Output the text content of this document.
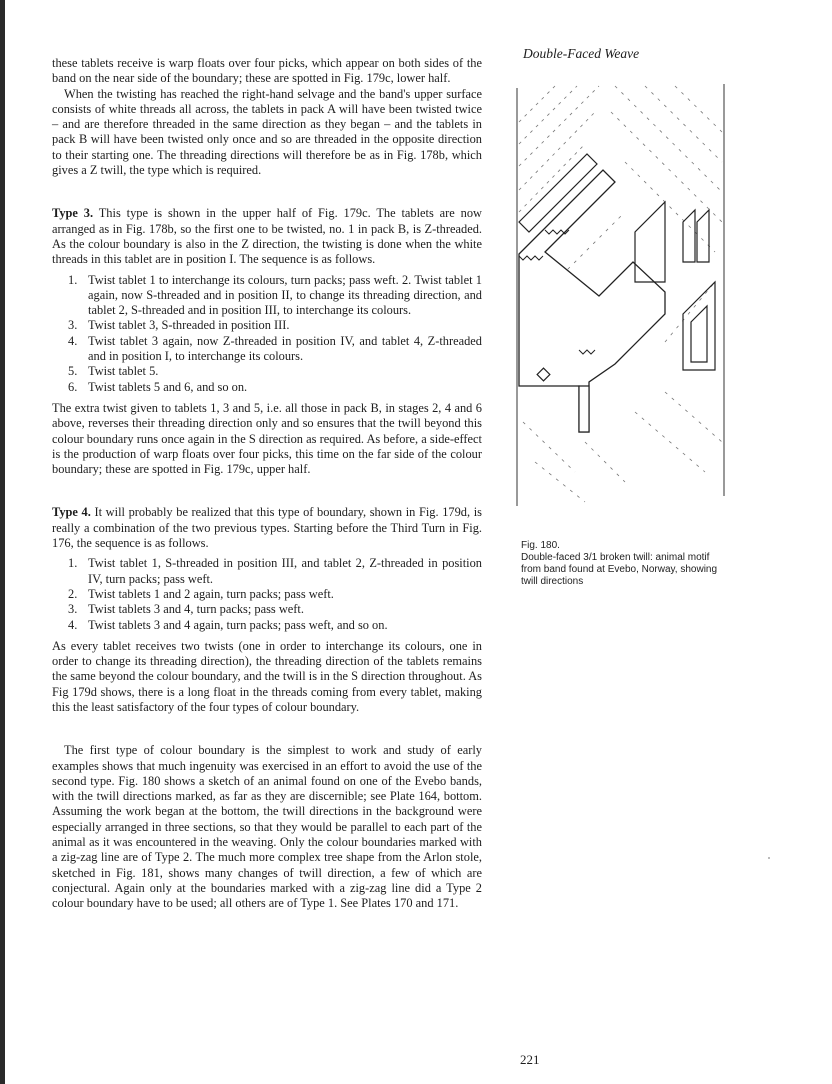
Double-Faced Weave

these tablets receive is warp floats over four picks, which appear on both sides of the band on the near side of the boundary; these are spotted in Fig. 179c, lower half.

When the twisting has reached the right-hand selvage and the band's upper surface consists of white threads all across, the tablets in pack A will have been twisted twice – and are therefore threaded in the same direction as they began – and the tablets in pack B will have been twisted only once and so are threaded in the opposite direction to their starting one. The threading directions will therefore be as in Fig. 178b, which gives a Z twill, the type which is required.

Type 3. This type is shown in the upper half of Fig. 179c. The tablets are now arranged as in Fig. 178b, so the first one to be twisted, no. 1 in pack B, is Z-threaded. As the colour boundary is also in the Z direction, the twisting is done when the white threads in this tablet are in position I. The sequence is as follows.

1. Twist tablet 1 to interchange its colours, turn packs; pass weft. 2. Twist tablet 1 again, now S-threaded and in position II, to change its threading direction, and tablet 2, S-threaded and in position III, to interchange its colours.
3. Twist tablet 3, S-threaded in position III.
4. Twist tablet 3 again, now Z-threaded in position IV, and tablet 4, Z-threaded and in position I, to interchange its colours.
5. Twist tablet 5.
6. Twist tablets 5 and 6, and so on.

The extra twist given to tablets 1, 3 and 5, i.e. all those in pack B, in stages 2, 4 and 6 above, reverses their threading direction only and so ensures that the twill beyond this colour boundary runs once again in the S direction as required. As before, a side-effect is the production of warp floats over four picks, this time on the far side of the colour boundary; these are spotted in Fig. 179c, upper half.

Type 4. It will probably be realized that this type of boundary, shown in Fig. 179d, is really a combination of the two previous types. Starting before the Third Turn in Fig. 176, the sequence is as follows.

1. Twist tablet 1, S-threaded in position III, and tablet 2, Z-threaded in position IV, turn packs; pass weft.
2. Twist tablets 1 and 2 again, turn packs; pass weft.
3. Twist tablets 3 and 4, turn packs; pass weft.
4. Twist tablets 3 and 4 again, turn packs; pass weft, and so on.

As every tablet receives two twists (one in order to interchange its colours, one in order to change its threading direction), the threading direction of the tablets remains the same beyond the colour boundary, and the twill is in the S direction throughout. As Fig 179d shows, there is a long float in the threads coming from every tablet, making this the least satisfactory of the four types of colour boundary.

The first type of colour boundary is the simplest to work and study of early examples shows that much ingenuity was exercised in an effort to avoid the use of the second type. Fig. 180 shows a sketch of an animal found on one of the Evebo bands, with the twill directions marked, as far as they are discernible; see Plate 164, bottom. Assuming the work began at the bottom, the twill directions in the background were especially arranged in three sections, so that they would be parallel to each part of the animal as it was encountered in the weaving. Only the colour boundaries marked with a zig-zag line are of Type 2. The much more complex tree shape from the Arlon stole, sketched in Fig. 181, shows many changes of twill direction, a few of which are conjectural. Again only at the boundaries marked with a zig-zag line did a Type 2 colour boundary have to be used; all others are of Type 1. See Plates 170 and 171.

Fig. 180.
Double-faced 3/1 broken twill: animal motif from band found at Evebo, Norway, showing twill directions
221
